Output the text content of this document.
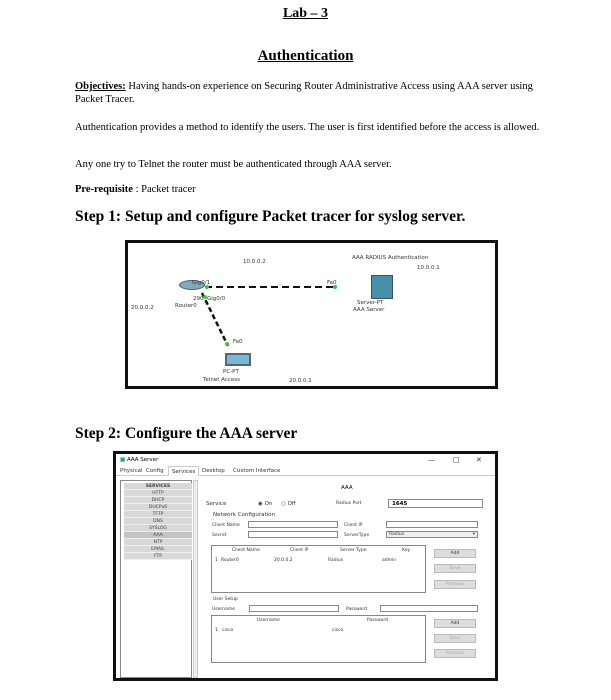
Lab – 3
Authentication
Objectives: Having hands-on experience on Securing Router Administrative Access using AAA server using Packet Tracer.
Authentication provides a method to identify the users. The user is first identified before the access is allowed.
Any one try to Telnet the router must be authenticated through AAA server.
Pre-requisite : Packet tracer
Step 1: Setup and configure Packet tracer for syslog server.
10.0.0.2
AAA RADIUS Authentication
10.0.0.1
Gig0/1
290 Gig0/0
Router0
20.0.0.2
Fa0
Server-PT
AAA Server
Fa0
PC-PT
Telnet Access	20.0.0.1
Step 2: Configure the AAA server
■ AAA Server	—	□ ✕
Physical Config	Services	Desktop Custom Interface
SERVICES
HTTP
DHCP
DHCPv6
TFTP
DNS
SYSLOG
AAA
NTP
EMAIL
FTP
AAA
Service	◉ On ○ Off	Radius Port	1645
Network Configuration
Client Name	Client IP
Secret	ServerType	Radius	▾
Client Name	Client IP	Server Type	Key
1 Router0	20.0.0.2	Radius	admin
Add
Save
Remove
User Setup
Username	Password
Username	Password
1 cisco	cisco
Add
Save
Remove
